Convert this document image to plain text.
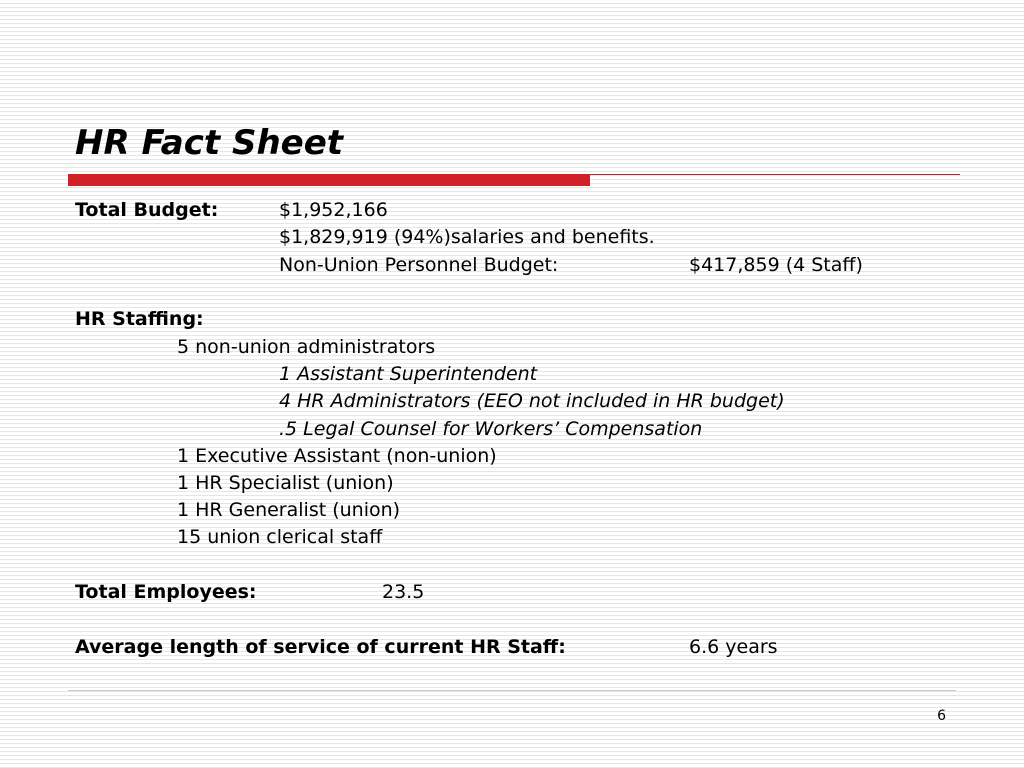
HR Fact Sheet
Total Budget:	$1,952,166
$1,829,919 (94%)salaries and benefits.
Non-Union Personnel Budget:	$417,859 (4 Staff)
HR Staffing:
5 non-union administrators
1 Assistant Superintendent
4 HR Administrators (EEO not included in HR budget)
.5 Legal Counsel for Workers’ Compensation
1 Executive Assistant (non-union)
1 HR Specialist (union)
1 HR Generalist (union)
15 union clerical staff
Total Employees:	23.5
Average length of service of current HR Staff:	6.6 years
6
